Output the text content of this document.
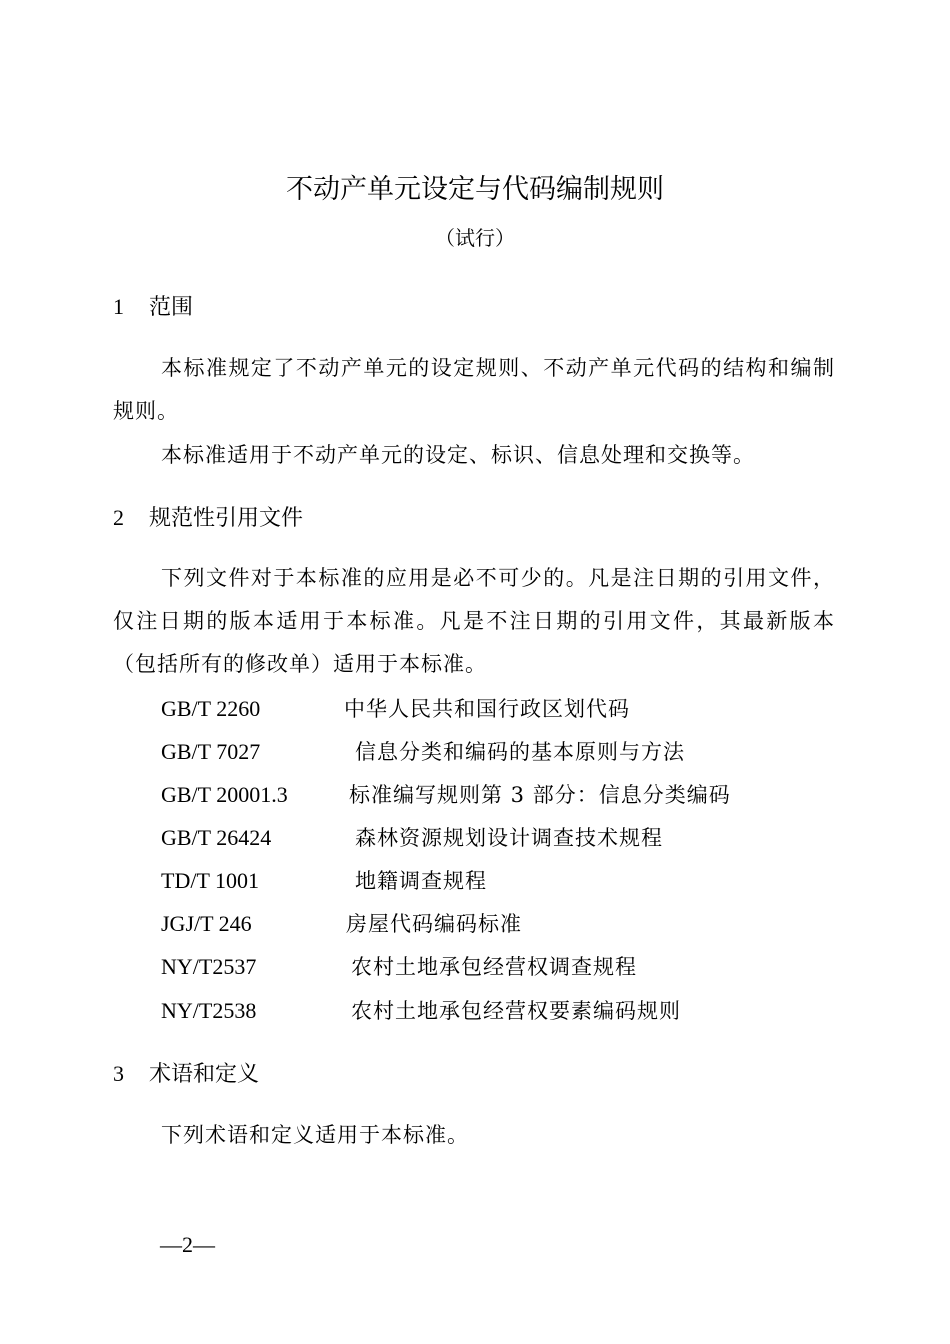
不动产单元设定与代码编制规则
（试行）
1 范围
本标准规定了不动产单元的设定规则、不动产单元代码的结构和编制规则。
本标准适用于不动产单元的设定、标识、信息处理和交换等。
2 规范性引用文件
下列文件对于本标准的应用是必不可少的。凡是注日期的引用文件，仅注日期的版本适用于本标准。凡是不注日期的引用文件，其最新版本（包括所有的修改单）适用于本标准。
GB/T 2260	中华人民共和国行政区划代码
GB/T 7027	信息分类和编码的基本原则与方法
GB/T 20001.3	标准编写规则第 3 部分：信息分类编码
GB/T 26424	森林资源规划设计调查技术规程
TD/T 1001	地籍调查规程
JGJ/T 246	房屋代码编码标准
NY/T2537	农村土地承包经营权调查规程
NY/T2538	农村土地承包经营权要素编码规则
3 术语和定义
下列术语和定义适用于本标准。
—2—
